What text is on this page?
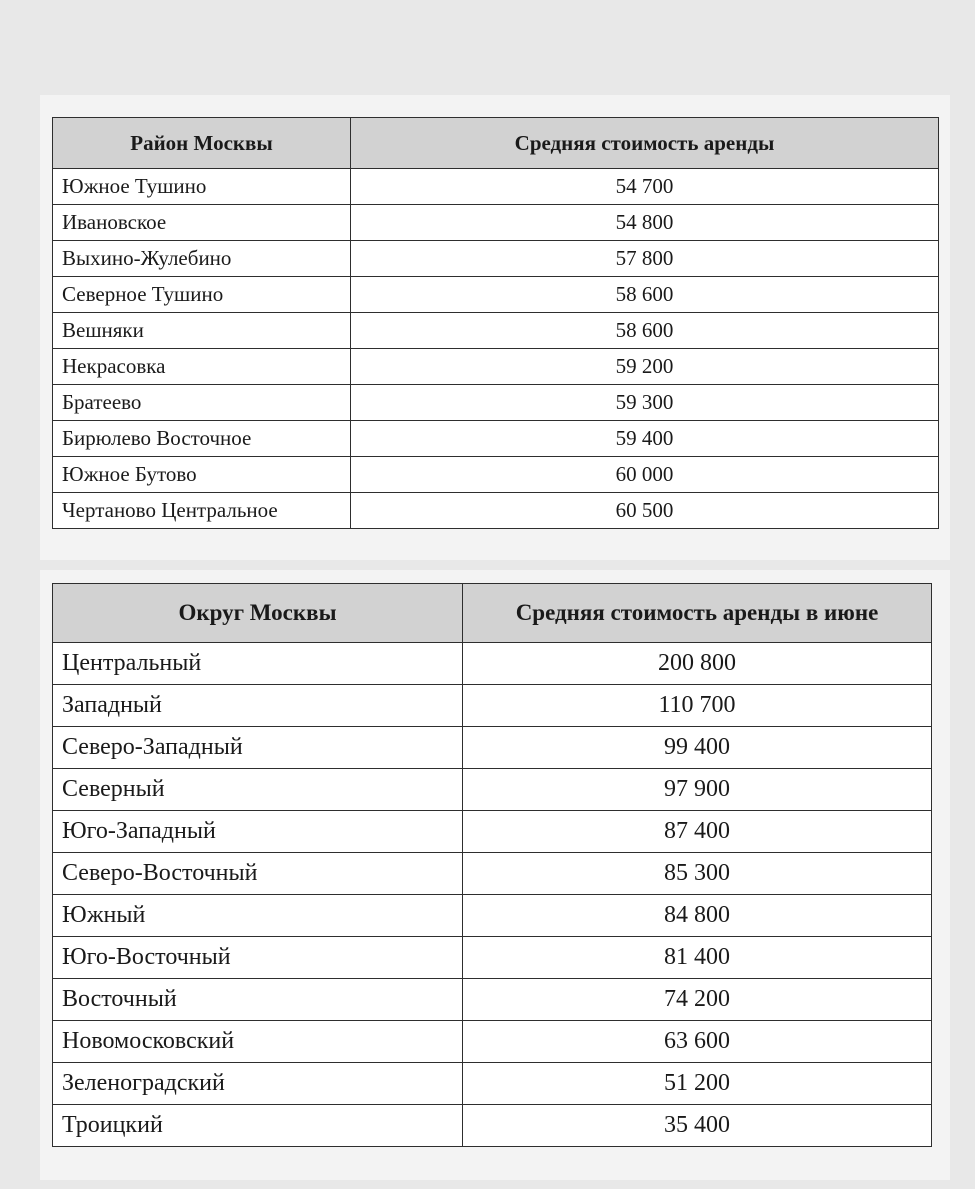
Район Москвы	Средняя стоимость аренды
Южное Тушино	54 700
Ивановское	54 800
Выхино-Жулебино	57 800
Северное Тушино	58 600
Вешняки	58 600
Некрасовка	59 200
Братеево	59 300
Бирюлево Восточное	59 400
Южное Бутово	60 000
Чертаново Центральное	60 500
Округ Москвы	Средняя стоимость аренды в июне
Центральный	200 800
Западный	110 700
Северо-Западный	99 400
Северный	97 900
Юго-Западный	87 400
Северо-Восточный	85 300
Южный	84 800
Юго-Восточный	81 400
Восточный	74 200
Новомосковский	63 600
Зеленоградский	51 200
Троицкий	35 400
